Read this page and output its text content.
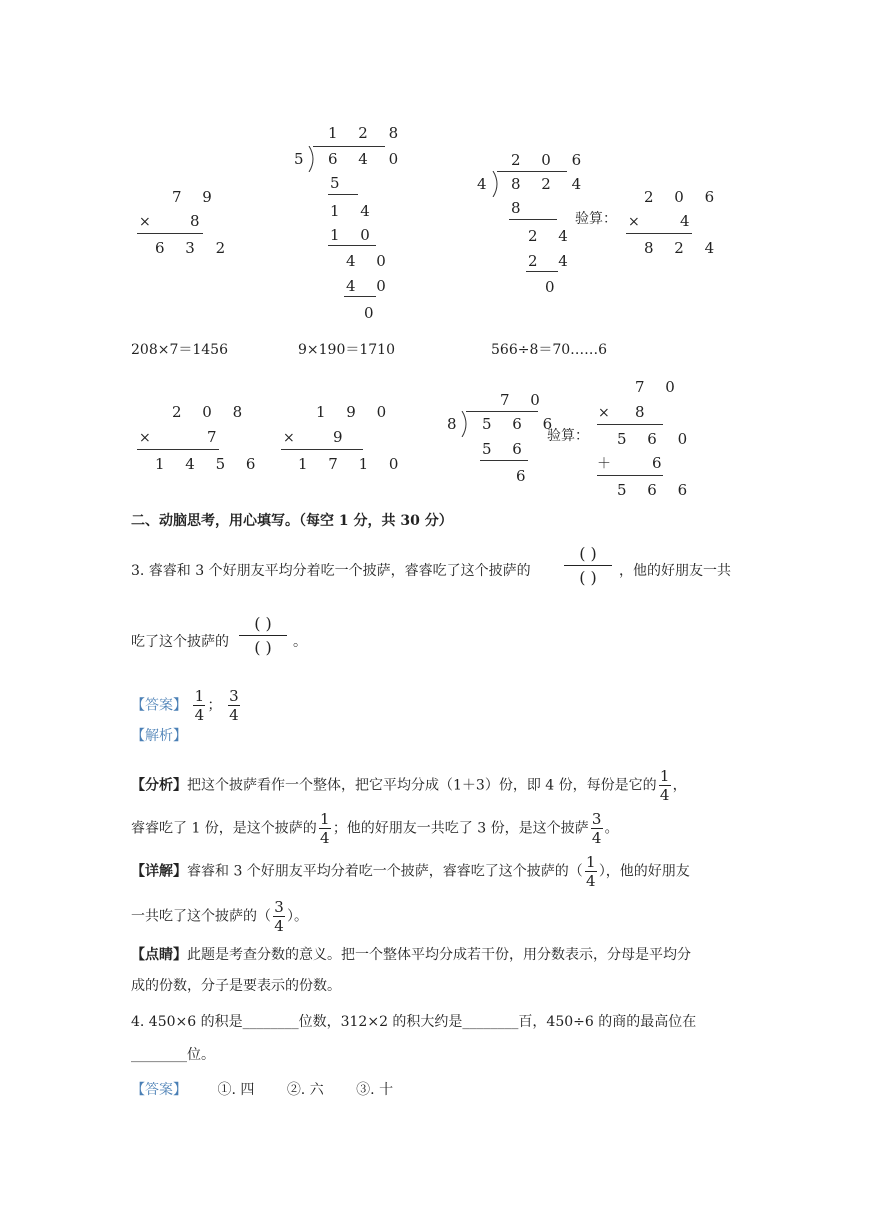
7 9
×	8
6 3 2
1 2 8
5 6 4 0
5
1 4
1 0
4 0
4 0
0
2 0 6
4 8 2 4
8
2 4
2 4
0
验算：
2 0 6
×	4
8 2 4
208×7＝1456	9×190＝1710	566÷8＝70……6
2 0 8
×	7
1 4 5 6
1 9 0
×	9
1 7 1 0
7 0
8 5 6 6
5 6
6
验算：
7 0
× 8
5 6 0
＋	6
5 6 6
二、动脑思考，用心填写。（每空 1 分，共 30 分）
3. 睿睿和 3 个好朋友平均分着吃一个披萨，睿睿吃了这个披萨的
( )
( ) ，他的好朋友一共
吃了这个披萨的
( )
( ) 。
【答案】 $\frac{1}{4}$ ； $\frac{3}{4}$
【解析】
【分析】把这个披萨看作一个整体，把它平均分成（1＋3）份，即 4 份，每份是它的 $\frac{1}{4}$ ，
睿睿吃了 1 份，是这个披萨的 $\frac{1}{4}$ ；他的好朋友一共吃了 3 份，是这个披萨 $\frac{3}{4}$ 。
【详解】睿睿和 3 个好朋友平均分着吃一个披萨，睿睿吃了这个披萨的（ $\frac{1}{4}$ ），他的好朋友
一共吃了这个披萨的（ $\frac{3}{4}$ ）。
【点睛】此题是考查分数的意义。把一个整体平均分成若干份，用分数表示，分母是平均分
成的份数，分子是要表示的份数。
4. 450×6 的积是________位数，312×2 的积大约是________百，450÷6 的商的最高位在
________位。
【答案】 ①. 四 ②. 六 ③. 十
